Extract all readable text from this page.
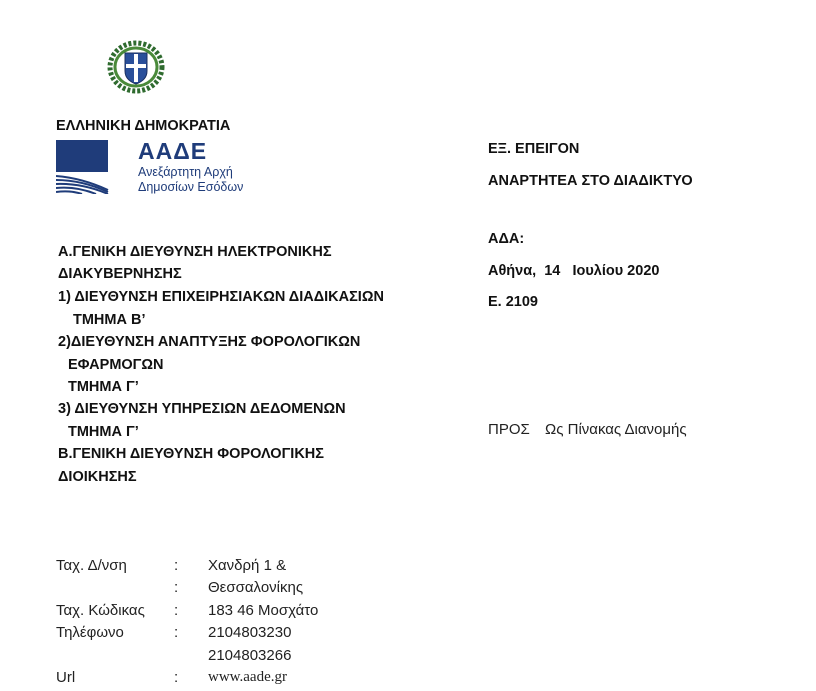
ΕΛΛΗΝΙΚΗ ΔΗΜΟΚΡΑΤΙΑ
ΑΑΔΕ
Ανεξάρτητη Αρχή
Δημοσίων Εσόδων
Α.ΓΕΝΙΚΗ ΔΙΕΥΘΥΝΣΗ ΗΛΕΚΤΡΟΝΙΚΗΣ
ΔΙΑΚΥΒΕΡΝΗΣΗΣ
1) ΔΙΕΥΘΥΝΣΗ ΕΠΙΧΕΙΡΗΣΙΑΚΩΝ ΔΙΑΔΙΚΑΣΙΩΝ
ΤΜΗΜΑ Β’
2)ΔΙΕΥΘΥΝΣΗ ΑΝΑΠΤΥΞΗΣ ΦΟΡΟΛΟΓΙΚΩΝ
ΕΦΑΡΜΟΓΩΝ
ΤΜΗΜΑ Γ’
3) ΔΙΕΥΘΥΝΣΗ ΥΠΗΡΕΣΙΩΝ ΔΕΔΟΜΕΝΩΝ
ΤΜΗΜΑ Γ’
Β.ΓΕΝΙΚΗ ΔΙΕΥΘΥΝΣΗ ΦΟΡΟΛΟΓΙΚΗΣ
ΔΙΟΙΚΗΣΗΣ
ΕΞ. ΕΠΕΙΓΟΝ
ΑΝΑΡΤΗΤΕΑ ΣΤΟ ΔΙΑΔΙΚΤΥΟ
ΑΔΑ:
Αθήνα,  14   Ιουλίου 2020
Ε. 2109
ΠΡΟΣ Ως Πίνακας Διανομής
Ταχ. Δ/νση	: Χανδρή 1 &
: Θεσσαλονίκης
Ταχ. Κώδικας : 183 46 Μοσχάτο
Τηλέφωνο	: 2104803230
2104803266
Url	: www.aade.gr
